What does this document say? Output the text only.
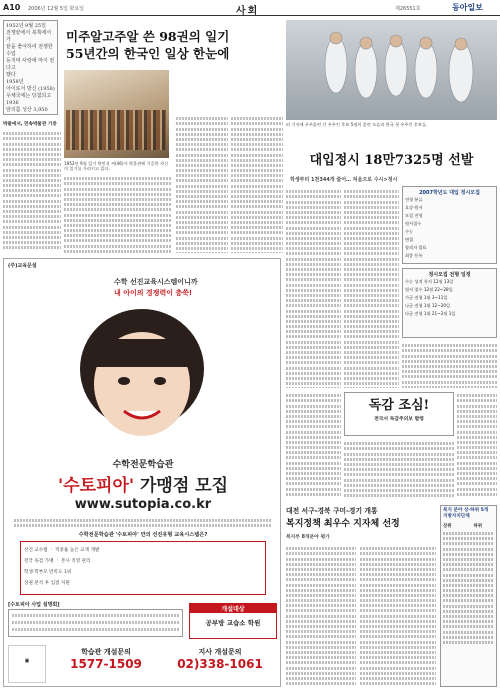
A10 2006년 12월 5일 화요일	사회	제26551호	동아일보
1952년 9월 25일
전쟁끝에서 북쪽에서 가
끝을 좋아하여 전쟁한 수업
등지며 사랑에 마이 떤다고
했다
1958년
아이로서 방신 (1958)
우체국에는 당첨되고 1936
암의쯤 성산 3,950
미주알고주알 쓴 98권의 일기
55년간의 한국인 일상 한눈에
1952년 9월 일기 박민석 씨(46)가 박물관에 기증한 자신의 일기를 가리키고 있다.
박물에서, 민속박물관 기증	러 기지에 우주훈련 간 우주인 후보 5명의 훈련 모습과 한국 첫 우주인 후보들.
대입정시 18만7325명 선발
학생부터 1천344개 줄어… 처음으로 수시>정시
2007학년도 대입 정시모집
전형 분류
요강·원서
모집 전형
원서접수
수능
면접
합격자 발표
최종 등록
정시모집 전형 일정
수능 성적 통지 12월 13일
원서 접수 12월 22~28일
가군 전형 1월 3~11일
나군 전형 1월 12~20일
다군 전형 1월 21~2월 1일
(주)교육문설
수학 선진교육시스템이니까
내 아이의 경쟁력이 충쑥!
수학전문학습관
'수토피아' 가맹점 모집
www.sutopia.co.kr
수학전문학습관 '수토피아' 만의 선진유형 교육시스템은?
선진 교수법 ㆍ 적중률 높은 교재 개발
전국 독점 가맹 ㆍ 본사 직영 관리
학생·학부모 만족도 1위
상권 분석 후 입점 지원
[수토피아 사업 설명회]
개설대상
공부방 교습소 학원
▣
학습관 개설문의
1577-1509
지사 개설문의
02)338-1061
독감 조심!
전국서 독감주의보 발령
대전 서구-경북 구미-경기 개통
복지정책 최우수 지자체 선정
복지부 8개분야 평가
복지 분야 상·하위 5개 지방자치단체
상위	하위
